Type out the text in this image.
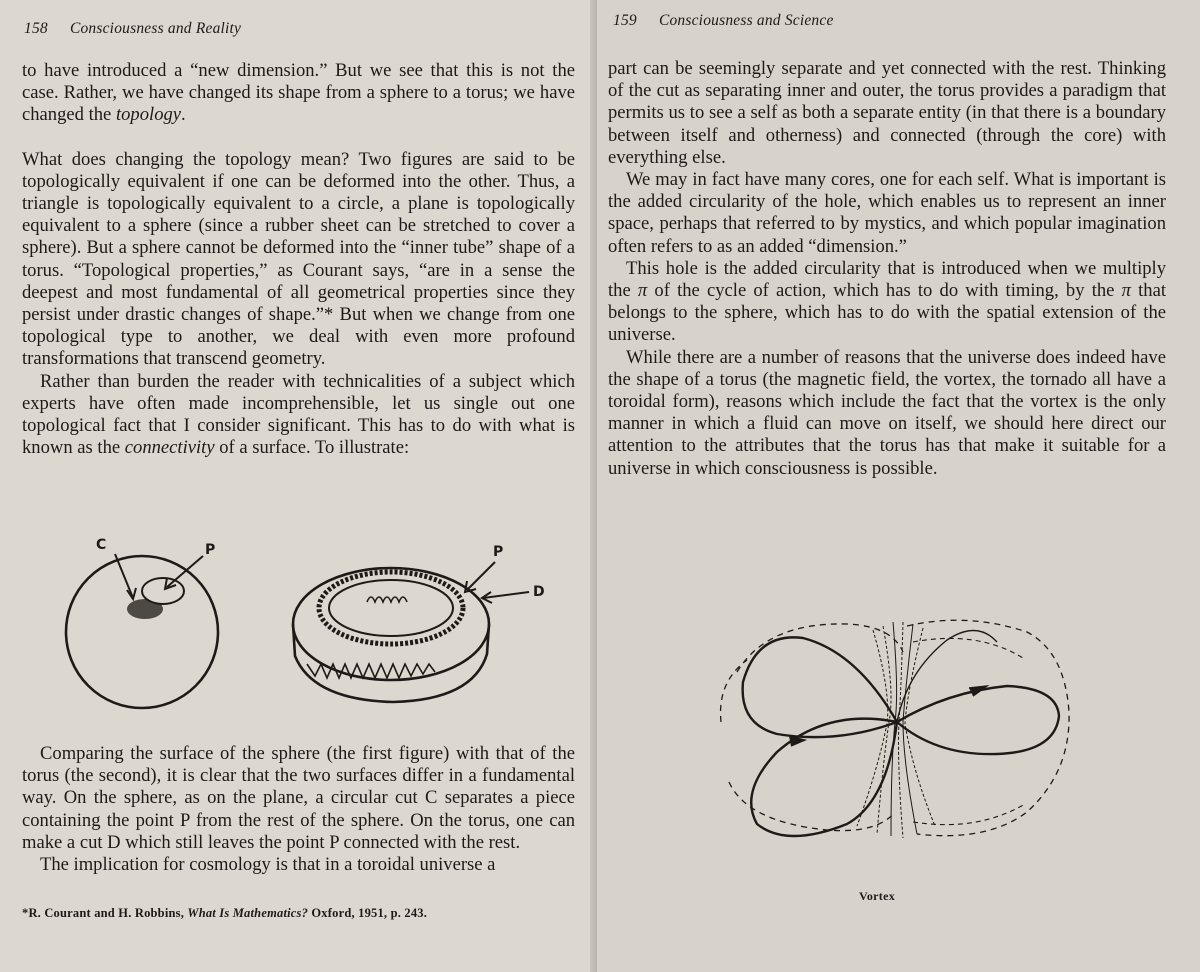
158 Consciousness and Reality

to have introduced a “new dimension.” But we see that this is not the case. Rather, we have changed its shape from a sphere to a torus; we have changed the topology.

What does changing the topology mean? Two figures are said to be topologically equivalent if one can be deformed into the other. Thus, a triangle is topologically equivalent to a circle, a plane is topologically equivalent to a sphere (since a rubber sheet can be stretched to cover a sphere). But a sphere cannot be deformed into the “inner tube” shape of a torus. “Topological properties,” as Courant says, “are in a sense the deepest and most fundamental of all geometrical properties since they persist under drastic changes of shape.”* But when we change from one topological type to another, we deal with even more profound transformations that transcend geometry.

Rather than burden the reader with technicalities of a subject which experts have often made incomprehensible, let us single out one topological fact that I consider significant. This has to do with what is known as the connectivity of a surface. To illustrate:

C	P	P
D

Comparing the surface of the sphere (the first figure) with that of the torus (the second), it is clear that the two surfaces differ in a fundamental way. On the sphere, as on the plane, a circular cut C separates a piece containing the point P from the rest of the sphere. On the torus, one can make a cut D which still leaves the point P connected with the rest.

The implication for cosmology is that in a toroidal universe a

*R. Courant and H. Robbins, What Is Mathematics? Oxford, 1951, p. 243.
159 Consciousness and Science

part can be seemingly separate and yet connected with the rest. Thinking of the cut as separating inner and outer, the torus provides a paradigm that permits us to see a self as both a separate entity (in that there is a boundary between itself and otherness) and connected (through the core) with everything else.

We may in fact have many cores, one for each self. What is important is the added circularity of the hole, which enables us to represent an inner space, perhaps that referred to by mystics, and which popular imagination often refers to as an added “dimension.”

This hole is the added circularity that is introduced when we multiply the π of the cycle of action, which has to do with timing, by the π that belongs to the sphere, which has to do with the spatial extension of the universe.

While there are a number of reasons that the universe does indeed have the shape of a torus (the magnetic field, the vortex, the tornado all have a toroidal form), reasons which include the fact that the vortex is the only manner in which a fluid can move on itself, we should here direct our attention to the attributes that the torus has that make it suitable for a universe in which consciousness is possible.

Vortex
